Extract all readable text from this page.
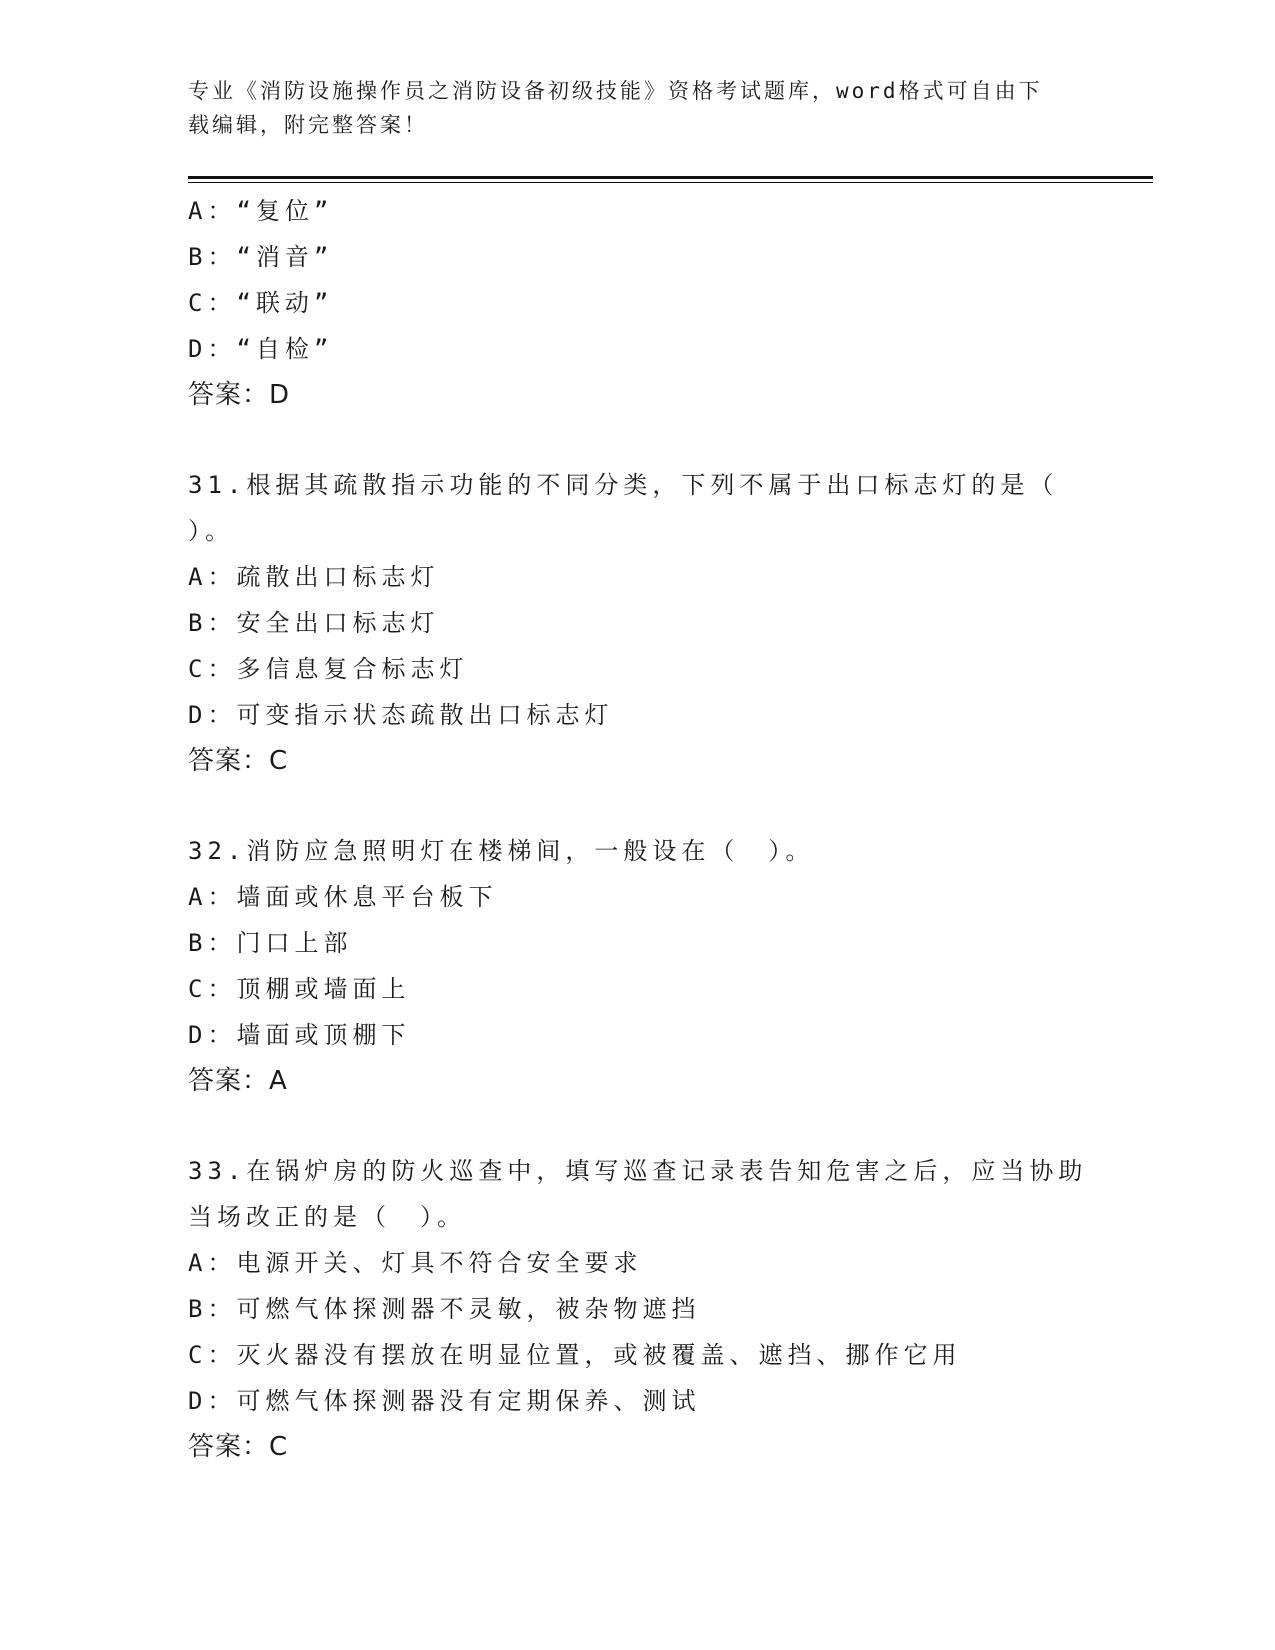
专业《消防设施操作员之消防设备初级技能》资格考试题库，word格式可自由下
载编辑，附完整答案！
A：“复位”
B：“消音”
C：“联动”
D：“自检”
答案：D
31.根据其疏散指示功能的不同分类，下列不属于出口标志灯的是（
）。
A：疏散出口标志灯
B：安全出口标志灯
C：多信息复合标志灯
D：可变指示状态疏散出口标志灯
答案：C
32.消防应急照明灯在楼梯间，一般设在（　）。
A：墙面或休息平台板下
B：门口上部
C：顶棚或墙面上
D：墙面或顶棚下
答案：A
33.在锅炉房的防火巡查中，填写巡查记录表告知危害之后，应当协助
当场改正的是（　）。
A：电源开关、灯具不符合安全要求
B：可燃气体探测器不灵敏，被杂物遮挡
C：灭火器没有摆放在明显位置，或被覆盖、遮挡、挪作它用
D：可燃气体探测器没有定期保养、测试
答案：C
